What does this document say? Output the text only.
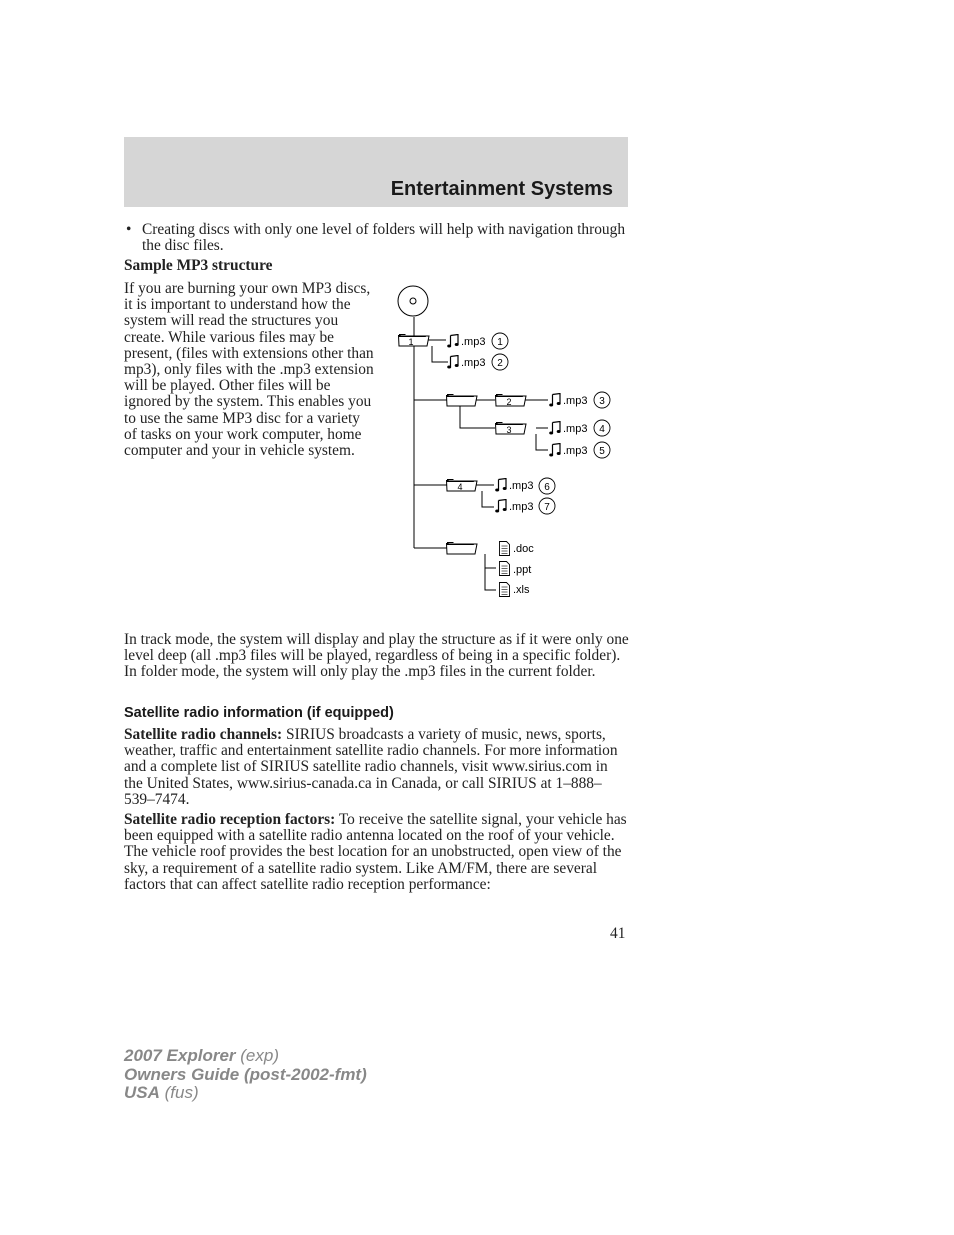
Entertainment Systems
• Creating discs with only one level of folders will help with navigation through the disc files.
Sample MP3 structure
If you are burning your own MP3 discs, it is important to understand how the system will read the structures you create. While various files may be present, (files with extensions other than mp3), only files with the .mp3 extension will be played. Other files will be ignored by the system. This enables you to use the same MP3 disc for a variety of tasks on your work computer, home computer and your in vehicle system.
1
2
3
4
.mp3 1
.mp3 2
.mp3 3
.mp3 4
.mp3 5
.mp3 6
.mp3 7
.doc
.ppt
.xls
In track mode, the system will display and play the structure as if it were only one level deep (all .mp3 files will be played, regardless of being in a specific folder). In folder mode, the system will only play the .mp3 files in the current folder.
Satellite radio information (if equipped)
Satellite radio channels: SIRIUS broadcasts a variety of music, news, sports, weather, traffic and entertainment satellite radio channels. For more information and a complete list of SIRIUS satellite radio channels, visit www.sirius.com in the United States, www.sirius-canada.ca in Canada, or call SIRIUS at 1–888–539–7474.
Satellite radio reception factors: To receive the satellite signal, your vehicle has been equipped with a satellite radio antenna located on the roof of your vehicle. The vehicle roof provides the best location for an unobstructed, open view of the sky, a requirement of a satellite radio system. Like AM/FM, there are several factors that can affect satellite radio reception performance:
41
2007 Explorer (exp)
Owners Guide (post-2002-fmt)
USA (fus)
